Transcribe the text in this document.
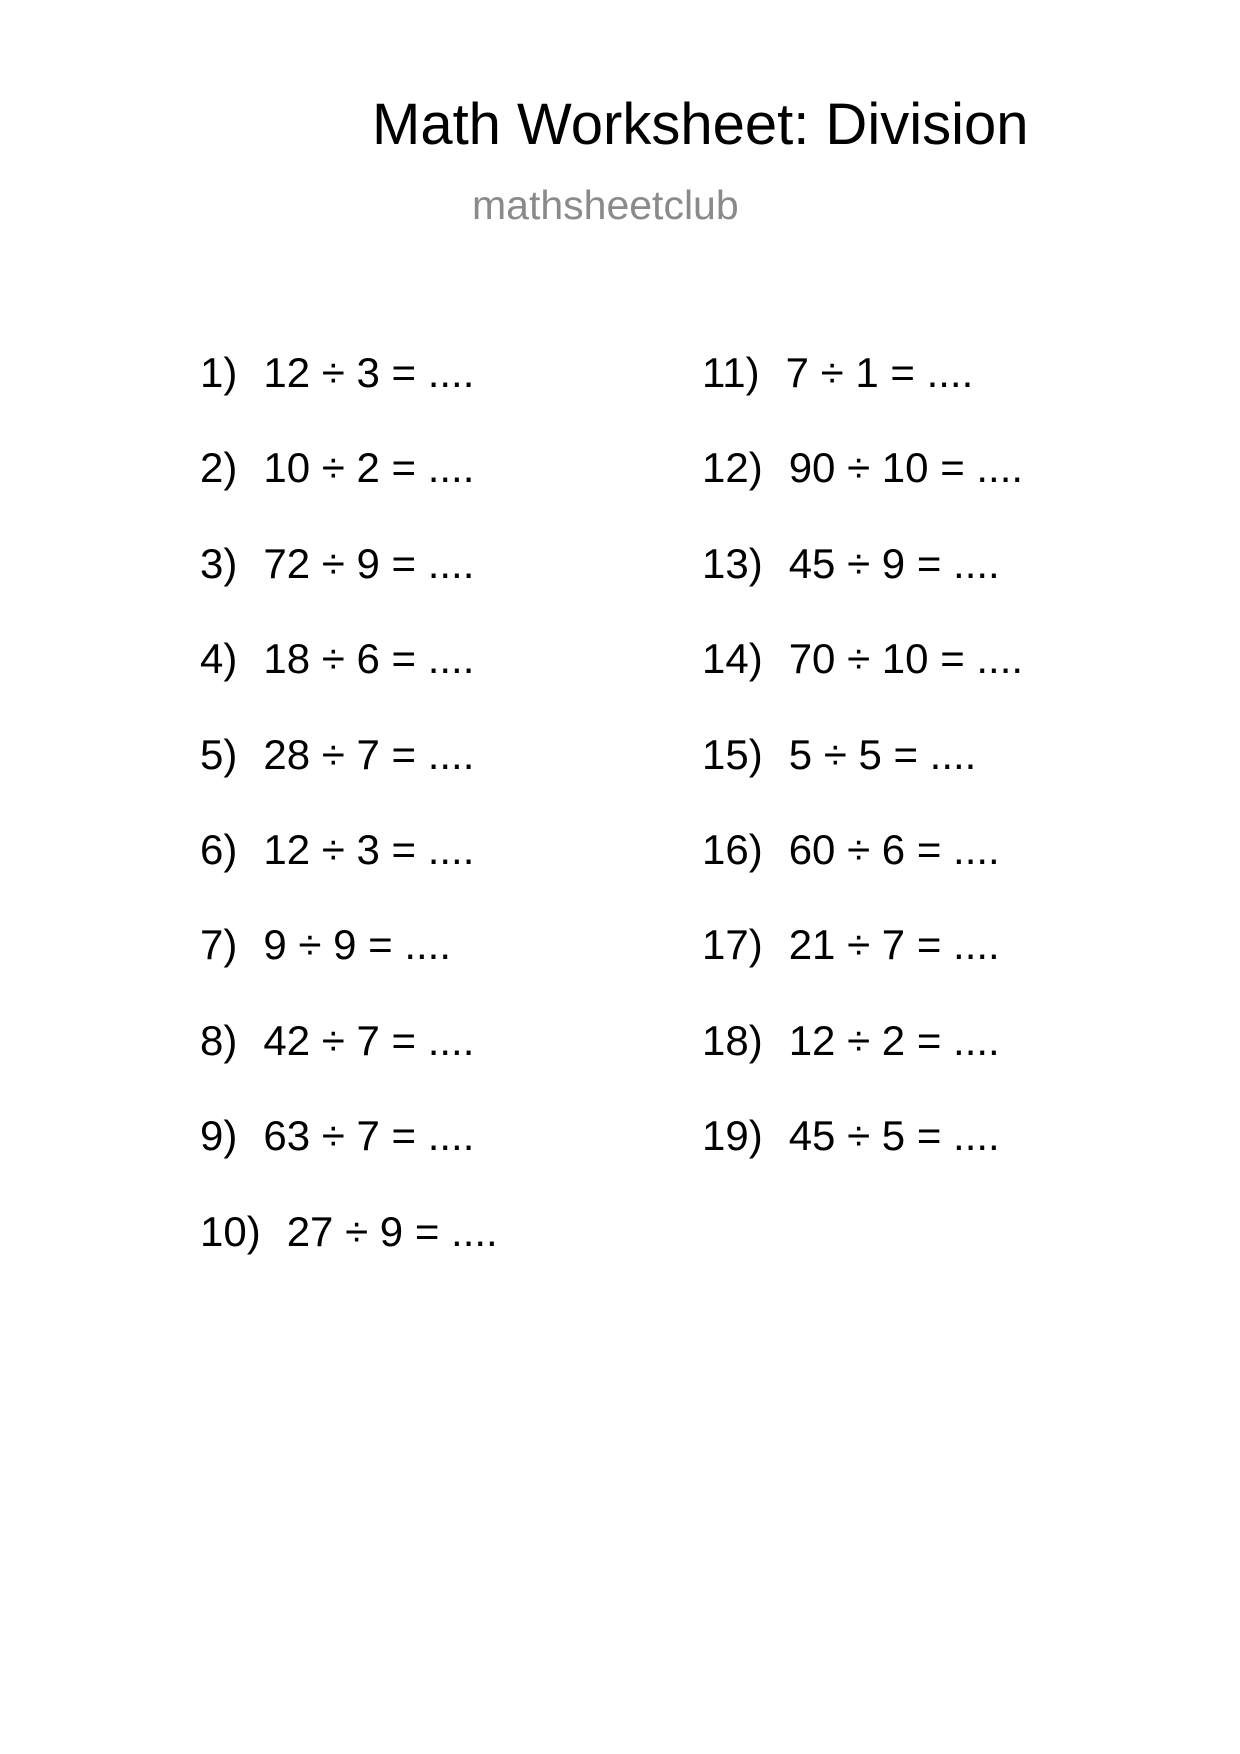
Math Worksheet: Division
mathsheetclub
1) 12 ÷ 3 = ....
2) 10 ÷ 2 = ....
3) 72 ÷ 9 = ....
4) 18 ÷ 6 = ....
5) 28 ÷ 7 = ....
6) 12 ÷ 3 = ....
7) 9 ÷ 9 = ....
8) 42 ÷ 7 = ....
9) 63 ÷ 7 = ....
10) 27 ÷ 9 = ....
11) 7 ÷ 1 = ....
12) 90 ÷ 10 = ....
13) 45 ÷ 9 = ....
14) 70 ÷ 10 = ....
15) 5 ÷ 5 = ....
16) 60 ÷ 6 = ....
17) 21 ÷ 7 = ....
18) 12 ÷ 2 = ....
19) 45 ÷ 5 = ....
